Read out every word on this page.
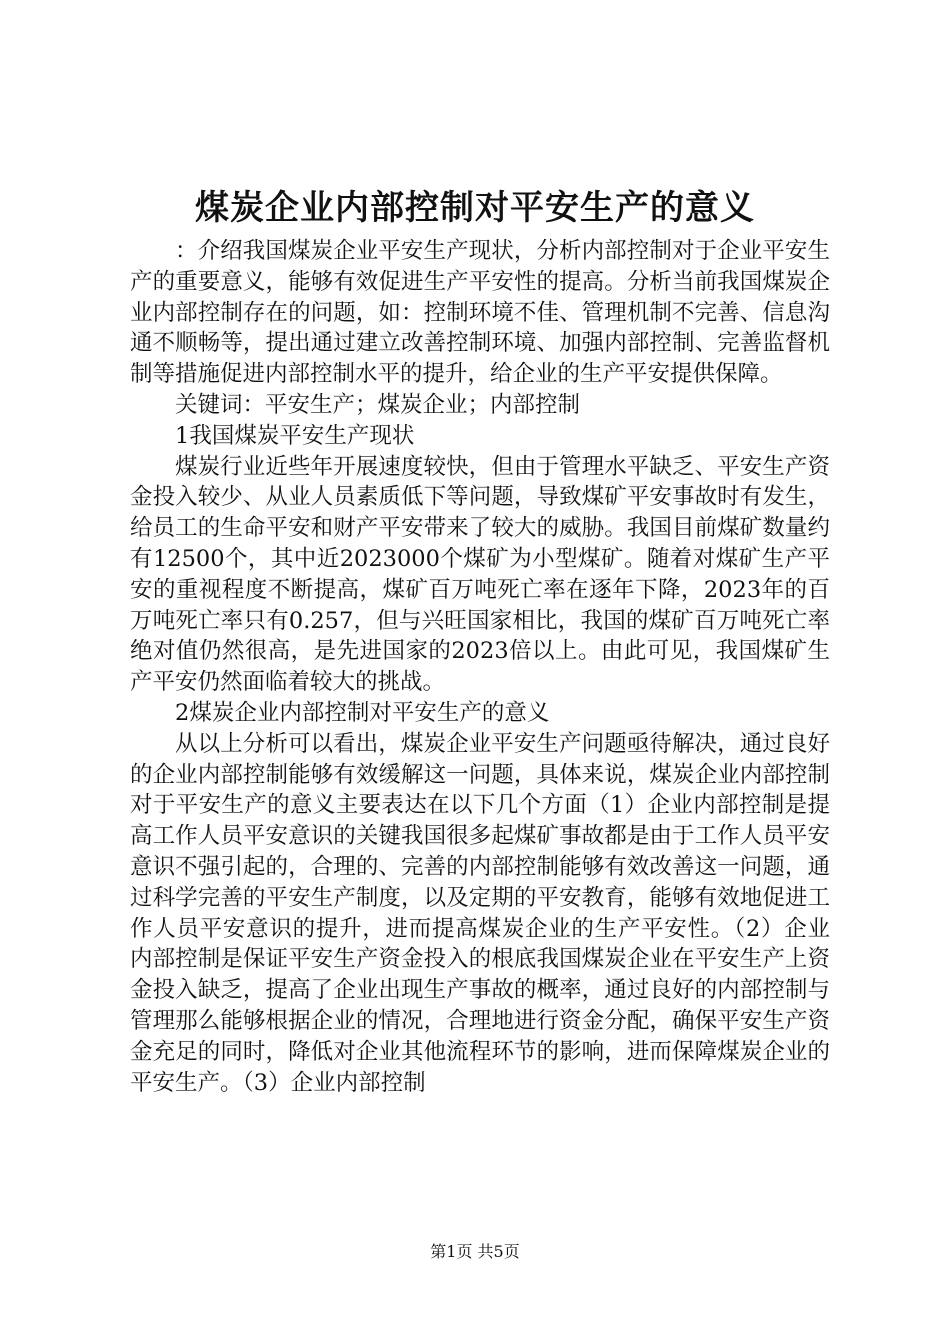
煤炭企业内部控制对平安生产的意义

：介绍我国煤炭企业平安生产现状，分析内部控制对于企业平安生产的重要意义，能够有效促进生产平安性的提高。分析当前我国煤炭企业内部控制存在的问题，如：控制环境不佳、管理机制不完善、信息沟通不顺畅等，提出通过建立改善控制环境、加强内部控制、完善监督机制等措施促进内部控制水平的提升，给企业的生产平安提供保障。

关键词：平安生产；煤炭企业；内部控制

1我国煤炭平安生产现状

煤炭行业近些年开展速度较快，但由于管理水平缺乏、平安生产资金投入较少、从业人员素质低下等问题，导致煤矿平安事故时有发生，给员工的生命平安和财产平安带来了较大的威胁。我国目前煤矿数量约有12500个，其中近2023000个煤矿为小型煤矿。随着对煤矿生产平安的重视程度不断提高，煤矿百万吨死亡率在逐年下降，2023年的百万吨死亡率只有0.257，但与兴旺国家相比，我国的煤矿百万吨死亡率绝对值仍然很高，是先进国家的2023倍以上。由此可见，我国煤矿生产平安仍然面临着较大的挑战。

2煤炭企业内部控制对平安生产的意义

从以上分析可以看出，煤炭企业平安生产问题亟待解决，通过良好的企业内部控制能够有效缓解这一问题，具体来说，煤炭企业内部控制对于平安生产的意义主要表达在以下几个方面（1）企业内部控制是提高工作人员平安意识的关键我国很多起煤矿事故都是由于工作人员平安意识不强引起的，合理的、完善的内部控制能够有效改善这一问题，通过科学完善的平安生产制度，以及定期的平安教育，能够有效地促进工作人员平安意识的提升，进而提高煤炭企业的生产平安性。（2）企业内部控制是保证平安生产资金投入的根底我国煤炭企业在平安生产上资金投入缺乏，提高了企业出现生产事故的概率，通过良好的内部控制与管理那么能够根据企业的情况，合理地进行资金分配，确保平安生产资金充足的同时，降低对企业其他流程环节的影响，进而保障煤炭企业的平安生产。（3）企业内部控制

第1页 共5页
